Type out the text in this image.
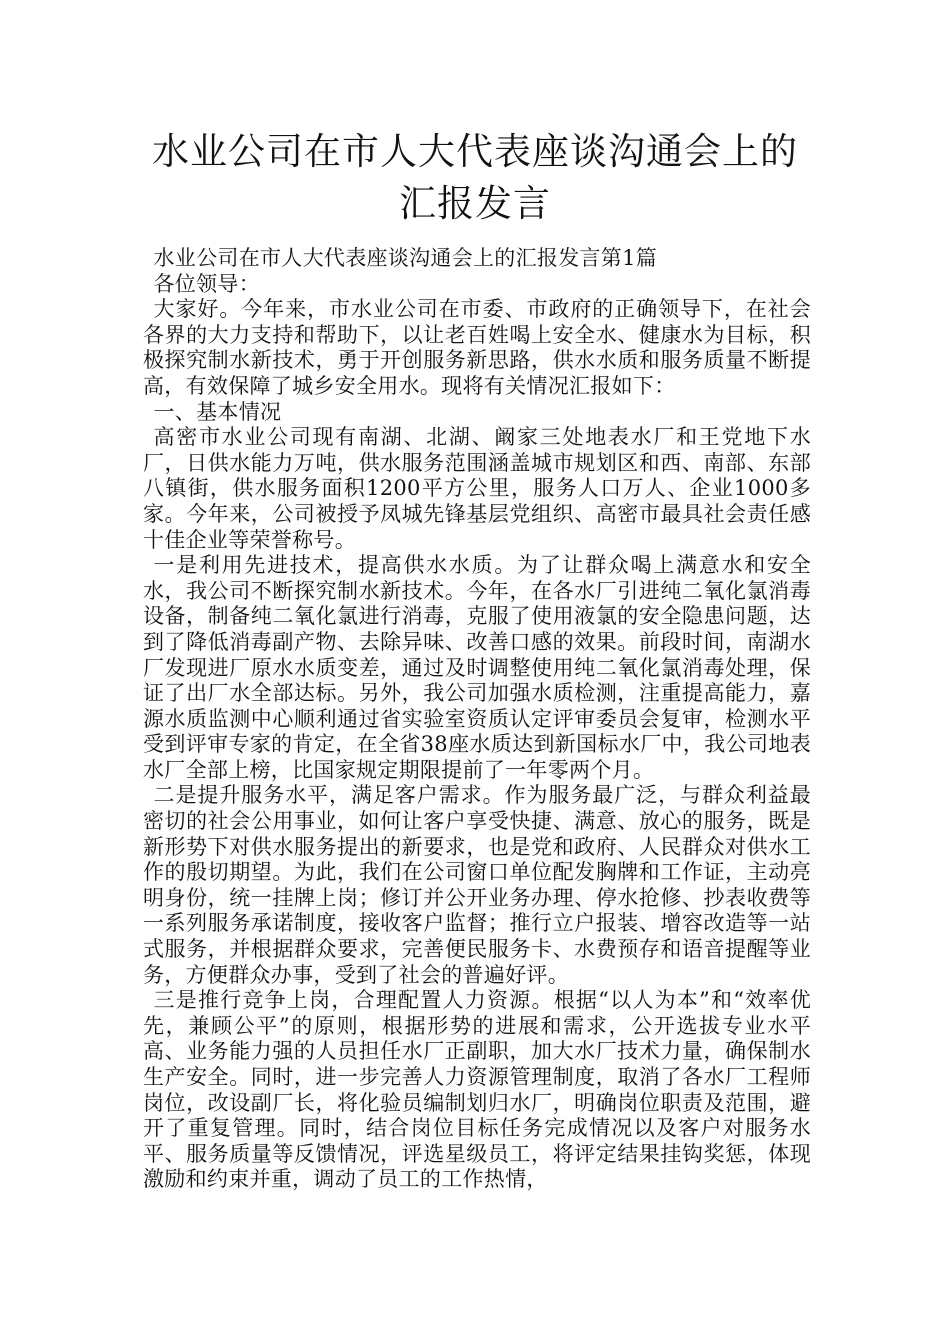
水业公司在市人大代表座谈沟通会上的汇报发言

水业公司在市人大代表座谈沟通会上的汇报发言第1篇

各位领导：

大家好。今年来，市水业公司在市委、市政府的正确领导下，在社会各界的大力支持和帮助下，以让老百姓喝上安全水、健康水为目标，积极探究制水新技术，勇于开创服务新思路，供水水质和服务质量不断提高，有效保障了城乡安全用水。现将有关情况汇报如下：

一、基本情况

高密市水业公司现有南湖、北湖、阚家三处地表水厂和王党地下水厂，日供水能力万吨，供水服务范围涵盖城市规划区和西、南部、东部八镇街，供水服务面积1200平方公里，服务人口万人、企业1000多家。今年来，公司被授予凤城先锋基层党组织、高密市最具社会责任感十佳企业等荣誉称号。

一是利用先进技术，提高供水水质。为了让群众喝上满意水和安全水，我公司不断探究制水新技术。今年，在各水厂引进纯二氧化氯消毒设备，制备纯二氧化氯进行消毒，克服了使用液氯的安全隐患问题，达到了降低消毒副产物、去除异味、改善口感的效果。前段时间，南湖水厂发现进厂原水水质变差，通过及时调整使用纯二氧化氯消毒处理，保证了出厂水全部达标。另外，我公司加强水质检测，注重提高能力，嘉源水质监测中心顺利通过省实验室资质认定评审委员会复审，检测水平受到评审专家的肯定，在全省38座水质达到新国标水厂中，我公司地表水厂全部上榜，比国家规定期限提前了一年零两个月。

二是提升服务水平，满足客户需求。作为服务最广泛，与群众利益最密切的社会公用事业，如何让客户享受快捷、满意、放心的服务，既是新形势下对供水服务提出的新要求，也是党和政府、人民群众对供水工作的殷切期望。为此，我们在公司窗口单位配发胸牌和工作证，主动亮明身份，统一挂牌上岗；修订并公开业务办理、停水抢修、抄表收费等一系列服务承诺制度，接收客户监督；推行立户报装、增容改造等一站式服务，并根据群众要求，完善便民服务卡、水费预存和语音提醒等业务，方便群众办事，受到了社会的普遍好评。

三是推行竞争上岗，合理配置人力资源。根据“以人为本”和“效率优先，兼顾公平”的原则，根据形势的进展和需求，公开选拔专业水平高、业务能力强的人员担任水厂正副职，加大水厂技术力量，确保制水生产安全。同时，进一步完善人力资源管理制度，取消了各水厂工程师岗位，改设副厂长，将化验员编制划归水厂，明确岗位职责及范围，避开了重复管理。同时，结合岗位目标任务完成情况以及客户对服务水平、服务质量等反馈情况，评选星级员工，将评定结果挂钩奖惩，体现激励和约束并重，调动了员工的工作热情，
